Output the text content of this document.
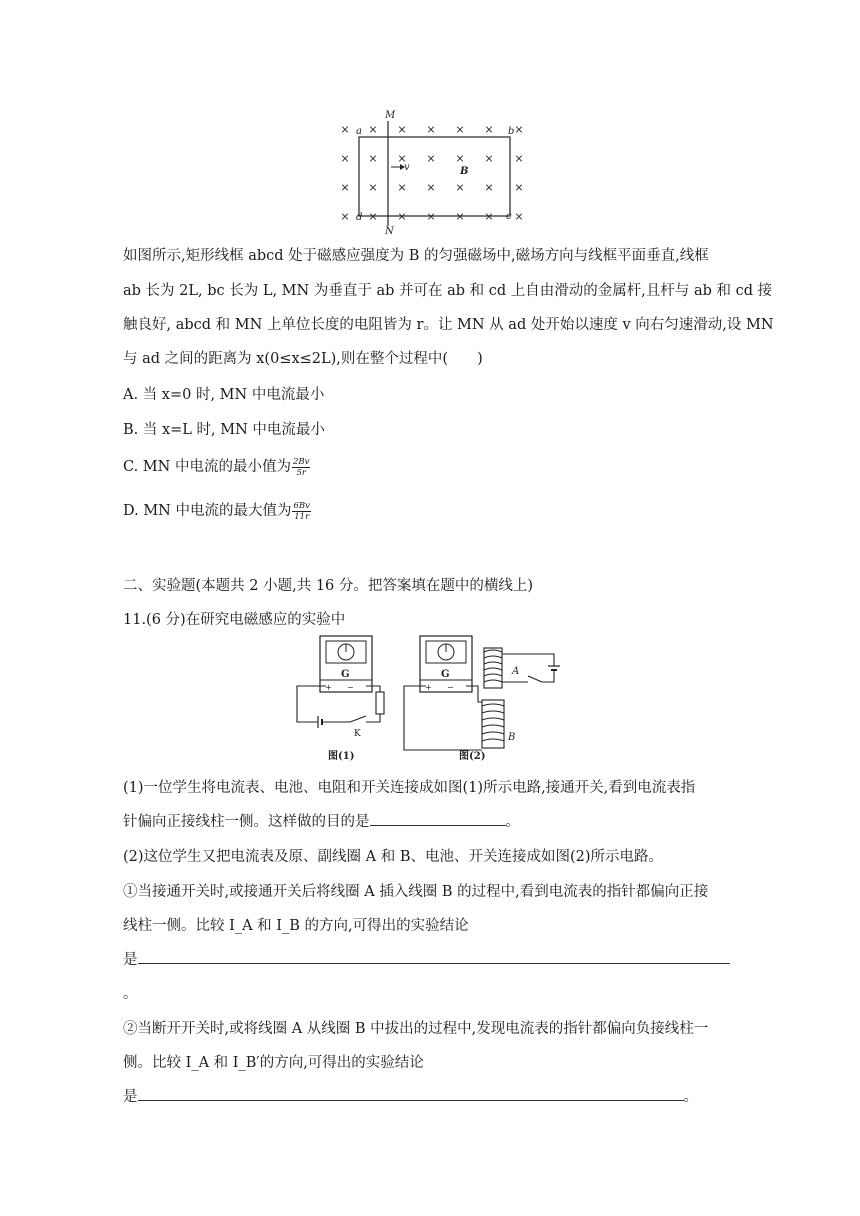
× × × × × × ×
× × × × × × ×
× × × × × × ×
× × × × × × ×
M
N
a	b
c
d
v	B
如图所示,矩形线框 abcd 处于磁感应强度为 B 的匀强磁场中,磁场方向与线框平面垂直,线框
ab 长为 2L, bc 长为 L, MN 为垂直于 ab 并可在 ab 和 cd 上自由滑动的金属杆,且杆与 ab 和 cd 接
触良好, abcd 和 MN 上单位长度的电阻皆为 r。让 MN 从 ad 处开始以速度 v 向右匀速滑动,设 MN
与 ad 之间的距离为 x(0≤x≤2L),则在整个过程中(　　)
A. 当 x=0 时, MN 中电流最小
B. 当 x=L 时, MN 中电流最小
C. MN 中电流的最小值为 $\frac{2Bv}{5r}$
D. MN 中电流的最大值为 $\frac{6Bv}{11r}$
二、实验题(本题共 2 小题,共 16 分。把答案填在题中的横线上)
11.(6 分)在研究电磁感应的实验中
G
+ −
K
图(1)
G
+ −
A
B
图(2)
(1)一位学生将电流表、电池、电阻和开关连接成如图(1)所示电路,接通开关,看到电流表指
针偏向正接线柱一侧。这样做的目的是	。
(2)这位学生又把电流表及原、副线圈 A 和 B、电池、开关连接成如图(2)所示电路。
①当接通开关时,或接通开关后将线圈 A 插入线圈 B 的过程中,看到电流表的指针都偏向正接
线柱一侧。比较 I_A 和 I_B 的方向,可得出的实验结论
是
。
②当断开开关时,或将线圈 A 从线圈 B 中拔出的过程中,发现电流表的指针都偏向负接线柱一
侧。比较 I_A 和 I_B′的方向,可得出的实验结论
是	。
